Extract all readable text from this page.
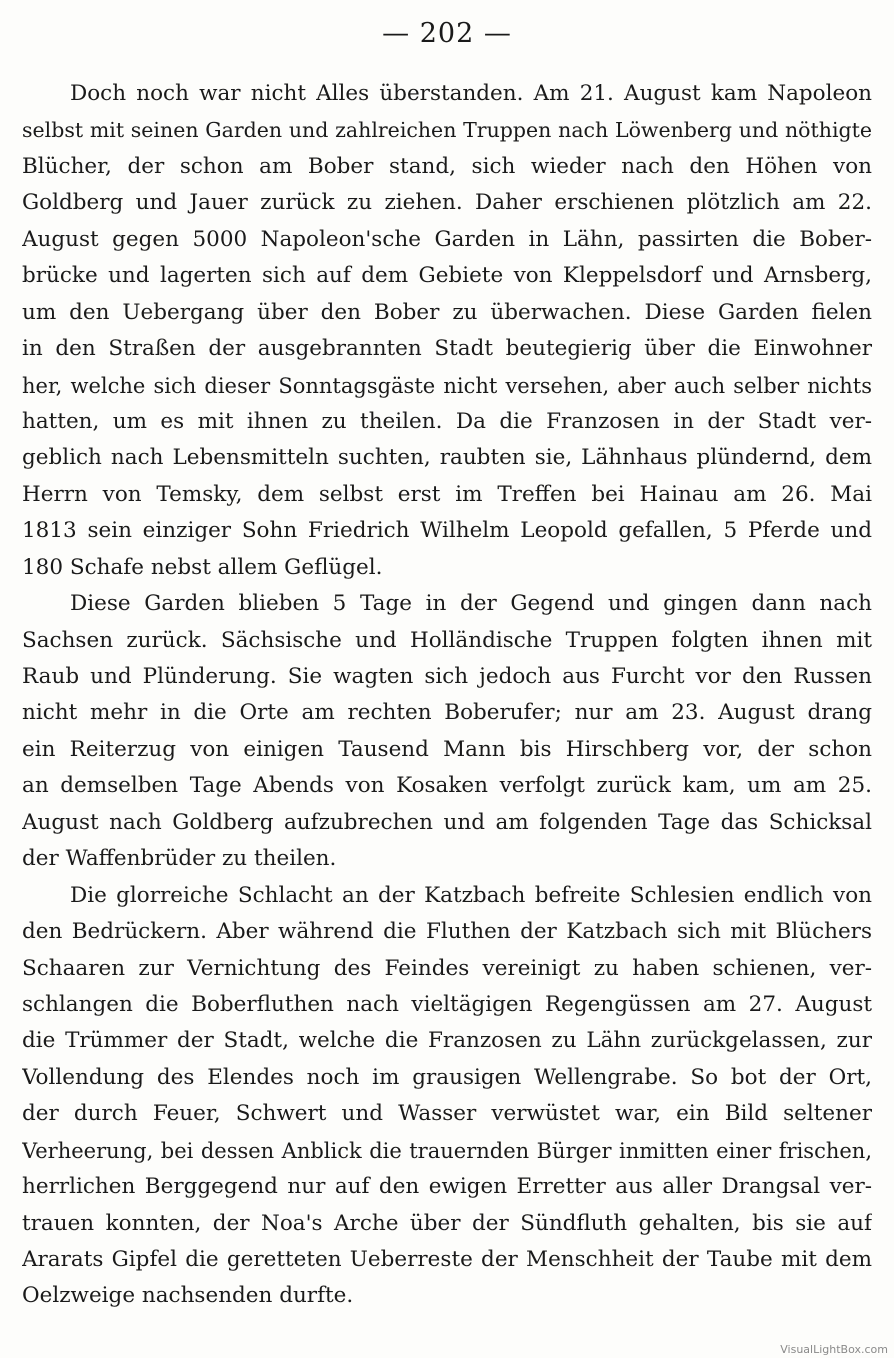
— 202 —
Doch noch war nicht Alles überstanden. Am 21. August kam Napoleon
selbst mit seinen Garden und zahlreichen Truppen nach Löwenberg und nöthigte
Blücher, der schon am Bober stand, sich wieder nach den Höhen von
Goldberg und Jauer zurück zu ziehen. Daher erschienen plötzlich am 22.
August gegen 5000 Napoleon'sche Garden in Lähn, passirten die Bober-
brücke und lagerten sich auf dem Gebiete von Kleppelsdorf und Arnsberg,
um den Uebergang über den Bober zu überwachen. Diese Garden fielen
in den Straßen der ausgebrannten Stadt beutegierig über die Einwohner
her, welche sich dieser Sonntagsgäste nicht versehen, aber auch selber nichts
hatten, um es mit ihnen zu theilen. Da die Franzosen in der Stadt ver-
geblich nach Lebensmitteln suchten, raubten sie, Lähnhaus plündernd, dem
Herrn von Temsky, dem selbst erst im Treffen bei Hainau am 26. Mai
1813 sein einziger Sohn Friedrich Wilhelm Leopold gefallen, 5 Pferde und
180 Schafe nebst allem Geflügel.
Diese Garden blieben 5 Tage in der Gegend und gingen dann nach
Sachsen zurück. Sächsische und Holländische Truppen folgten ihnen mit
Raub und Plünderung. Sie wagten sich jedoch aus Furcht vor den Russen
nicht mehr in die Orte am rechten Boberufer; nur am 23. August drang
ein Reiterzug von einigen Tausend Mann bis Hirschberg vor, der schon
an demselben Tage Abends von Kosaken verfolgt zurück kam, um am 25.
August nach Goldberg aufzubrechen und am folgenden Tage das Schicksal
der Waffenbrüder zu theilen.
Die glorreiche Schlacht an der Katzbach befreite Schlesien endlich von
den Bedrückern. Aber während die Fluthen der Katzbach sich mit Blüchers
Schaaren zur Vernichtung des Feindes vereinigt zu haben schienen, ver-
schlangen die Boberfluthen nach vieltägigen Regengüssen am 27. August
die Trümmer der Stadt, welche die Franzosen zu Lähn zurückgelassen, zur
Vollendung des Elendes noch im grausigen Wellengrabe. So bot der Ort,
der durch Feuer, Schwert und Wasser verwüstet war, ein Bild seltener
Verheerung, bei dessen Anblick die trauernden Bürger inmitten einer frischen,
herrlichen Berggegend nur auf den ewigen Erretter aus aller Drangsal ver-
trauen konnten, der Noa's Arche über der Sündfluth gehalten, bis sie auf
Ararats Gipfel die geretteten Ueberreste der Menschheit der Taube mit dem
Oelzweige nachsenden durfte.
VisualLightBox.com
